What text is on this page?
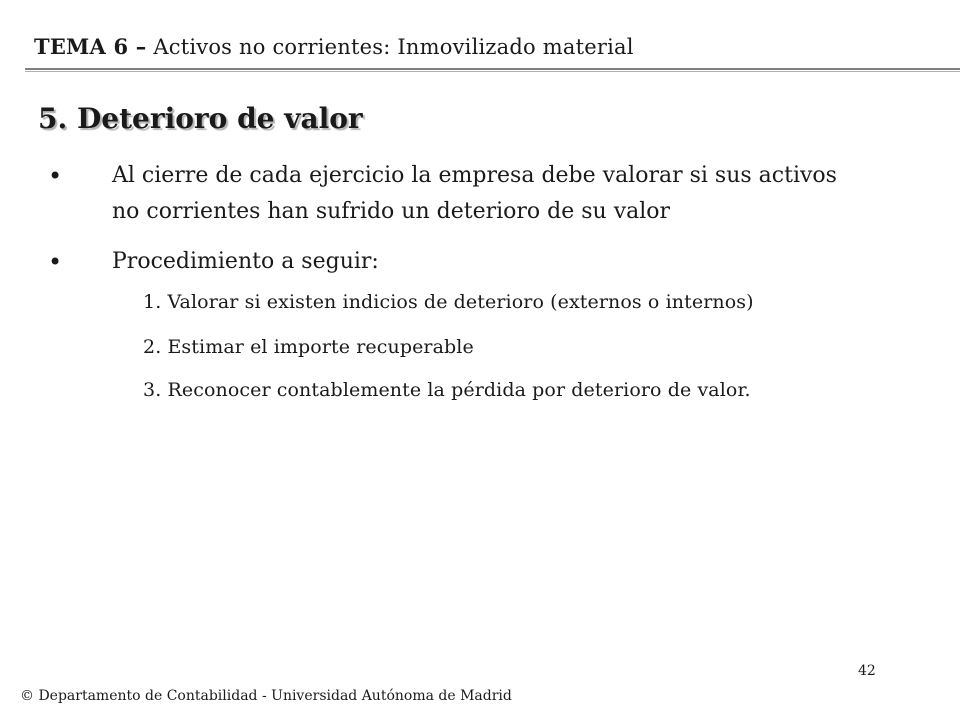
TEMA 6 – Activos no corrientes: Inmovilizado material
5. Deterioro de valor
• Al cierre de cada ejercicio la empresa debe valorar si sus activos no corrientes han sufrido un deterioro de su valor
• Procedimiento a seguir:
1. Valorar si existen indicios de deterioro (externos o internos)
2. Estimar el importe recuperable
3. Reconocer contablemente la pérdida por deterioro de valor.
42
© Departamento de Contabilidad - Universidad Autónoma de Madrid
